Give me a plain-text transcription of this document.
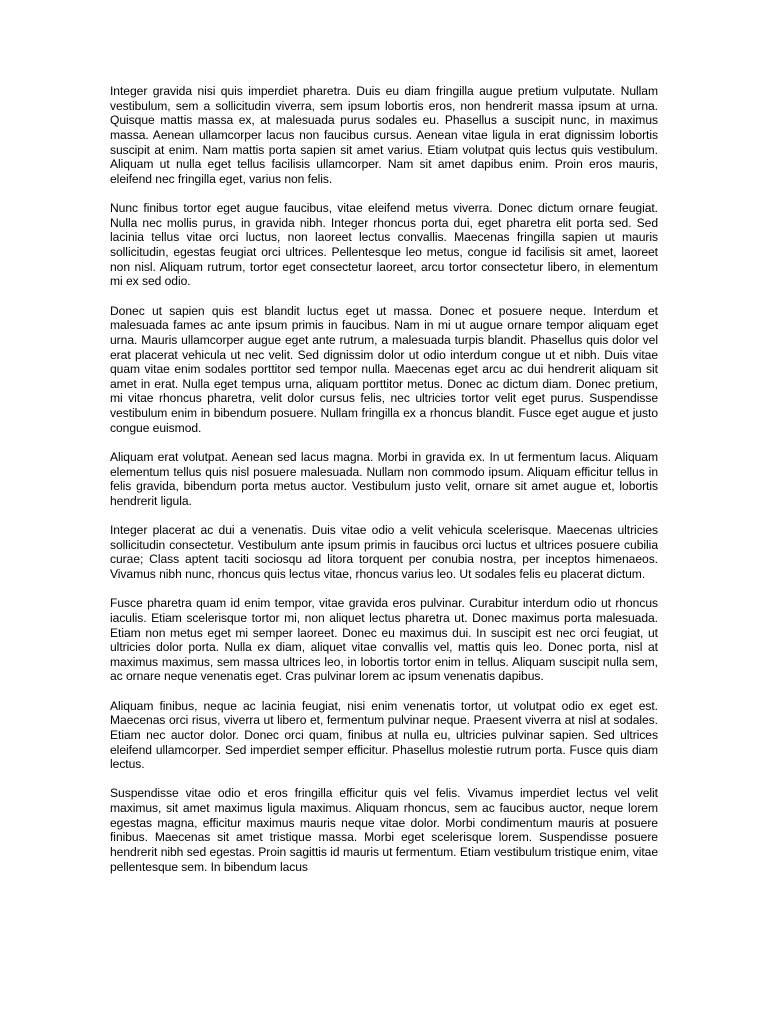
Integer gravida nisi quis imperdiet pharetra. Duis eu diam fringilla augue pretium vulputate. Nullam vestibulum, sem a sollicitudin viverra, sem ipsum lobortis eros, non hendrerit massa ipsum at urna. Quisque mattis massa ex, at malesuada purus sodales eu. Phasellus a suscipit nunc, in maximus massa. Aenean ullamcorper lacus non faucibus cursus. Aenean vitae ligula in erat dignissim lobortis suscipit at enim. Nam mattis porta sapien sit amet varius. Etiam volutpat quis lectus quis vestibulum. Aliquam ut nulla eget tellus facilisis ullamcorper. Nam sit amet dapibus enim. Proin eros mauris, eleifend nec fringilla eget, varius non felis.

Nunc finibus tortor eget augue faucibus, vitae eleifend metus viverra. Donec dictum ornare feugiat. Nulla nec mollis purus, in gravida nibh. Integer rhoncus porta dui, eget pharetra elit porta sed. Sed lacinia tellus vitae orci luctus, non laoreet lectus convallis. Maecenas fringilla sapien ut mauris sollicitudin, egestas feugiat orci ultrices. Pellentesque leo metus, congue id facilisis sit amet, laoreet non nisl. Aliquam rutrum, tortor eget consectetur laoreet, arcu tortor consectetur libero, in elementum mi ex sed odio.

Donec ut sapien quis est blandit luctus eget ut massa. Donec et posuere neque. Interdum et malesuada fames ac ante ipsum primis in faucibus. Nam in mi ut augue ornare tempor aliquam eget urna. Mauris ullamcorper augue eget ante rutrum, a malesuada turpis blandit. Phasellus quis dolor vel erat placerat vehicula ut nec velit. Sed dignissim dolor ut odio interdum congue ut et nibh. Duis vitae quam vitae enim sodales porttitor sed tempor nulla. Maecenas eget arcu ac dui hendrerit aliquam sit amet in erat. Nulla eget tempus urna, aliquam porttitor metus. Donec ac dictum diam. Donec pretium, mi vitae rhoncus pharetra, velit dolor cursus felis, nec ultricies tortor velit eget purus. Suspendisse vestibulum enim in bibendum posuere. Nullam fringilla ex a rhoncus blandit. Fusce eget augue et justo congue euismod.

Aliquam erat volutpat. Aenean sed lacus magna. Morbi in gravida ex. In ut fermentum lacus. Aliquam elementum tellus quis nisl posuere malesuada. Nullam non commodo ipsum. Aliquam efficitur tellus in felis gravida, bibendum porta metus auctor. Vestibulum justo velit, ornare sit amet augue et, lobortis hendrerit ligula.

Integer placerat ac dui a venenatis. Duis vitae odio a velit vehicula scelerisque. Maecenas ultricies sollicitudin consectetur. Vestibulum ante ipsum primis in faucibus orci luctus et ultrices posuere cubilia curae; Class aptent taciti sociosqu ad litora torquent per conubia nostra, per inceptos himenaeos. Vivamus nibh nunc, rhoncus quis lectus vitae, rhoncus varius leo. Ut sodales felis eu placerat dictum.

Fusce pharetra quam id enim tempor, vitae gravida eros pulvinar. Curabitur interdum odio ut rhoncus iaculis. Etiam scelerisque tortor mi, non aliquet lectus pharetra ut. Donec maximus porta malesuada. Etiam non metus eget mi semper laoreet. Donec eu maximus dui. In suscipit est nec orci feugiat, ut ultricies dolor porta. Nulla ex diam, aliquet vitae convallis vel, mattis quis leo. Donec porta, nisl at maximus maximus, sem massa ultrices leo, in lobortis tortor enim in tellus. Aliquam suscipit nulla sem, ac ornare neque venenatis eget. Cras pulvinar lorem ac ipsum venenatis dapibus.

Aliquam finibus, neque ac lacinia feugiat, nisi enim venenatis tortor, ut volutpat odio ex eget est. Maecenas orci risus, viverra ut libero et, fermentum pulvinar neque. Praesent viverra at nisl at sodales. Etiam nec auctor dolor. Donec orci quam, finibus at nulla eu, ultricies pulvinar sapien. Sed ultrices eleifend ullamcorper. Sed imperdiet semper efficitur. Phasellus molestie rutrum porta. Fusce quis diam lectus.

Suspendisse vitae odio et eros fringilla efficitur quis vel felis. Vivamus imperdiet lectus vel velit maximus, sit amet maximus ligula maximus. Aliquam rhoncus, sem ac faucibus auctor, neque lorem egestas magna, efficitur maximus mauris neque vitae dolor. Morbi condimentum mauris at posuere finibus. Maecenas sit amet tristique massa. Morbi eget scelerisque lorem. Suspendisse posuere hendrerit nibh sed egestas. Proin sagittis id mauris ut fermentum. Etiam vestibulum tristique enim, vitae pellentesque sem. In bibendum lacus
